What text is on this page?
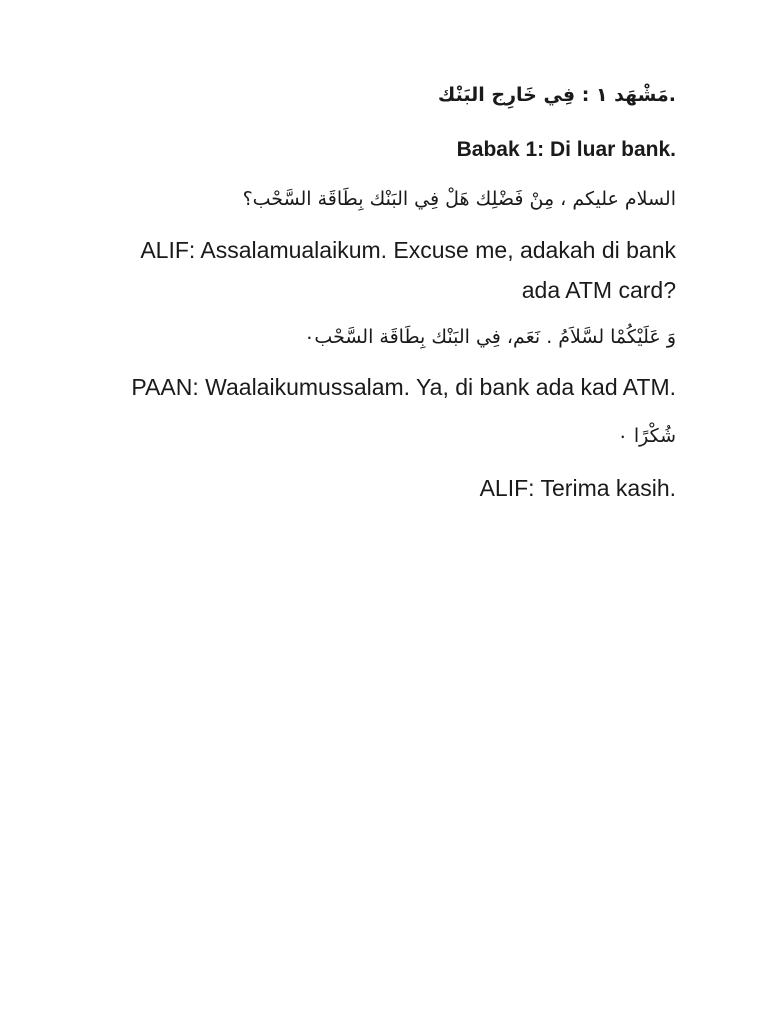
.مَشْهَد ١ : فِي خَارِج البَنْك
Babak 1: Di luar bank.
السلام عليكم ، مِنْ فَضْلِك هَلْ فِي البَنْك بِطَاقَة السَّحْب؟
ALIF: Assalamualaikum. Excuse me, adakah di bank
ada ATM card?
وَ عَلَيْكُمْا لسَّلاَمُ . نَعَم، فِي البَنْك بِطَاقَة السَّحْب۰
PAAN: Waalaikumussalam. Ya, di bank ada kad ATM.
شُكْرًا ۰
ALIF: Terima kasih.
